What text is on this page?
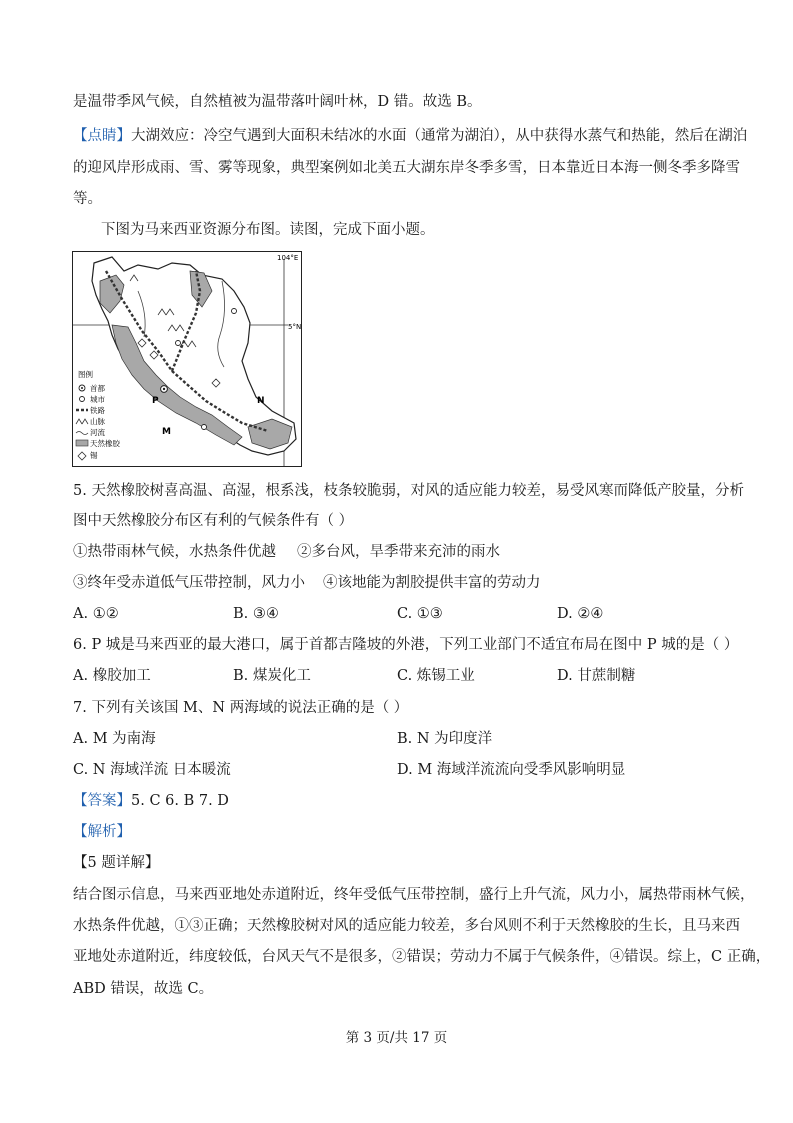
是温带季风气候，自然植被为温带落叶阔叶林，D 错。故选 B。
【点睛】大湖效应：冷空气遇到大面积未结冰的水面（通常为湖泊），从中获得水蒸气和热能，然后在湖泊
的迎风岸形成雨、雪、雾等现象，典型案例如北美五大湖东岸冬季多雪，日本靠近日本海一侧冬季多降雪
等。
下图为马来西亚资源分布图。读图，完成下面小题。
104°E
5°N
P
M
N
图例
首都
城市
铁路
山脉
河流
天然橡胶
锡
5. 天然橡胶树喜高温、高湿，根系浅，枝条较脆弱，对风的适应能力较差，易受风寒而降低产胶量，分析
图中天然橡胶分布区有利的气候条件有（ ）
①热带雨林气候，水热条件优越 ②多台风，旱季带来充沛的雨水
③终年受赤道低气压带控制，风力小 ④该地能为割胶提供丰富的劳动力
A. ①②	B. ③④	C. ①③	D. ②④
6. P 城是马来西亚的最大港口，属于首都吉隆坡的外港，下列工业部门不适宜布局在图中 P 城的是（ ）
A. 橡胶加工	B. 煤炭化工	C. 炼锡工业	D. 甘蔗制糖
7. 下列有关该国 M、N 两海域的说法正确的是（ ）
A. M 为南海	B. N 为印度洋
C. N 海域洋流 日本暖流	D. M 海域洋流流向受季风影响明显
【答案】5. C 6. B 7. D
【解析】
【5 题详解】
结合图示信息，马来西亚地处赤道附近，终年受低气压带控制，盛行上升气流，风力小，属热带雨林气候，
水热条件优越，①③正确；天然橡胶树对风的适应能力较差，多台风则不利于天然橡胶的生长，且马来西
亚地处赤道附近，纬度较低，台风天气不是很多，②错误；劳动力不属于气候条件，④错误。综上，C 正确，
ABD 错误，故选 C。
第 3 页/共 17 页
